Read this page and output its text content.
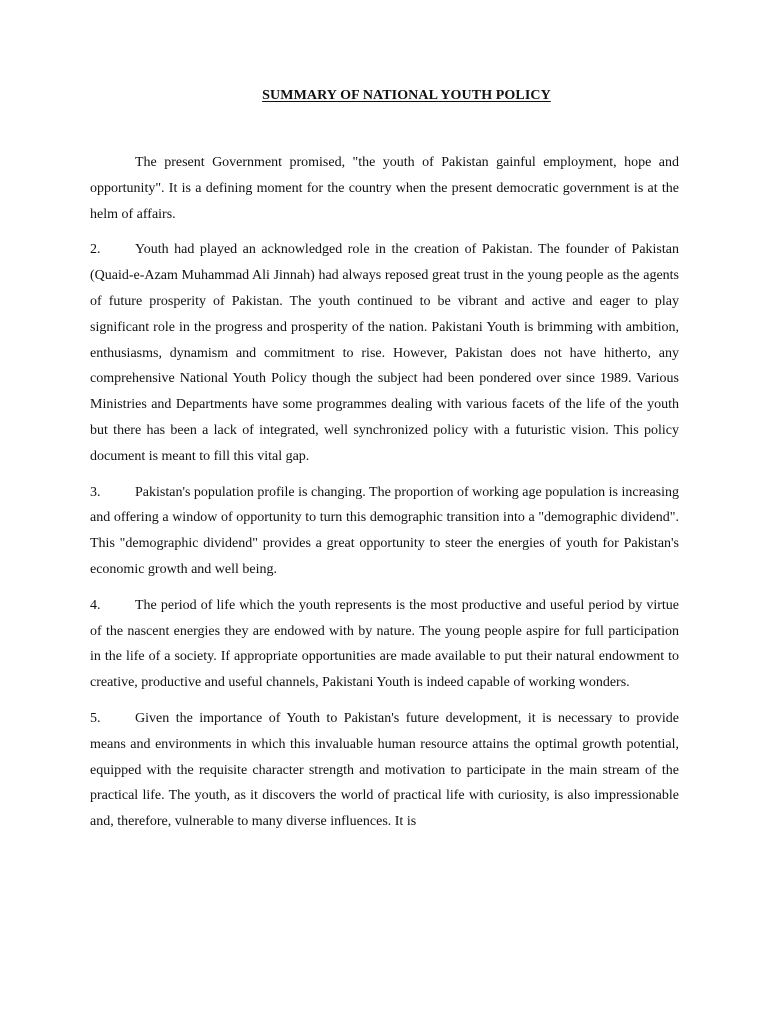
SUMMARY OF NATIONAL YOUTH POLICY

The present Government promised, "the youth of Pakistan gainful employment, hope and opportunity". It is a defining moment for the country when the present democratic government is at the helm of affairs.

2. Youth had played an acknowledged role in the creation of Pakistan. The founder of Pakistan (Quaid-e-Azam Muhammad Ali Jinnah) had always reposed great trust in the young people as the agents of future prosperity of Pakistan. The youth continued to be vibrant and active and eager to play significant role in the progress and prosperity of the nation. Pakistani Youth is brimming with ambition, enthusiasms, dynamism and commitment to rise. However, Pakistan does not have hitherto, any comprehensive National Youth Policy though the subject had been pondered over since 1989. Various Ministries and Departments have some programmes dealing with various facets of the life of the youth but there has been a lack of integrated, well synchronized policy with a futuristic vision. This policy document is meant to fill this vital gap.

3. Pakistan's population profile is changing. The proportion of working age population is increasing and offering a window of opportunity to turn this demographic transition into a "demographic dividend". This "demographic dividend" provides a great opportunity to steer the energies of youth for Pakistan's economic growth and well being.

4. The period of life which the youth represents is the most productive and useful period by virtue of the nascent energies they are endowed with by nature. The young people aspire for full participation in the life of a society. If appropriate opportunities are made available to put their natural endowment to creative, productive and useful channels, Pakistani Youth is indeed capable of working wonders.

5. Given the importance of Youth to Pakistan's future development, it is necessary to provide means and environments in which this invaluable human resource attains the optimal growth potential, equipped with the requisite character strength and motivation to participate in the main stream of the practical life. The youth, as it discovers the world of practical life with curiosity, is also impressionable and, therefore, vulnerable to many diverse influences. It is
